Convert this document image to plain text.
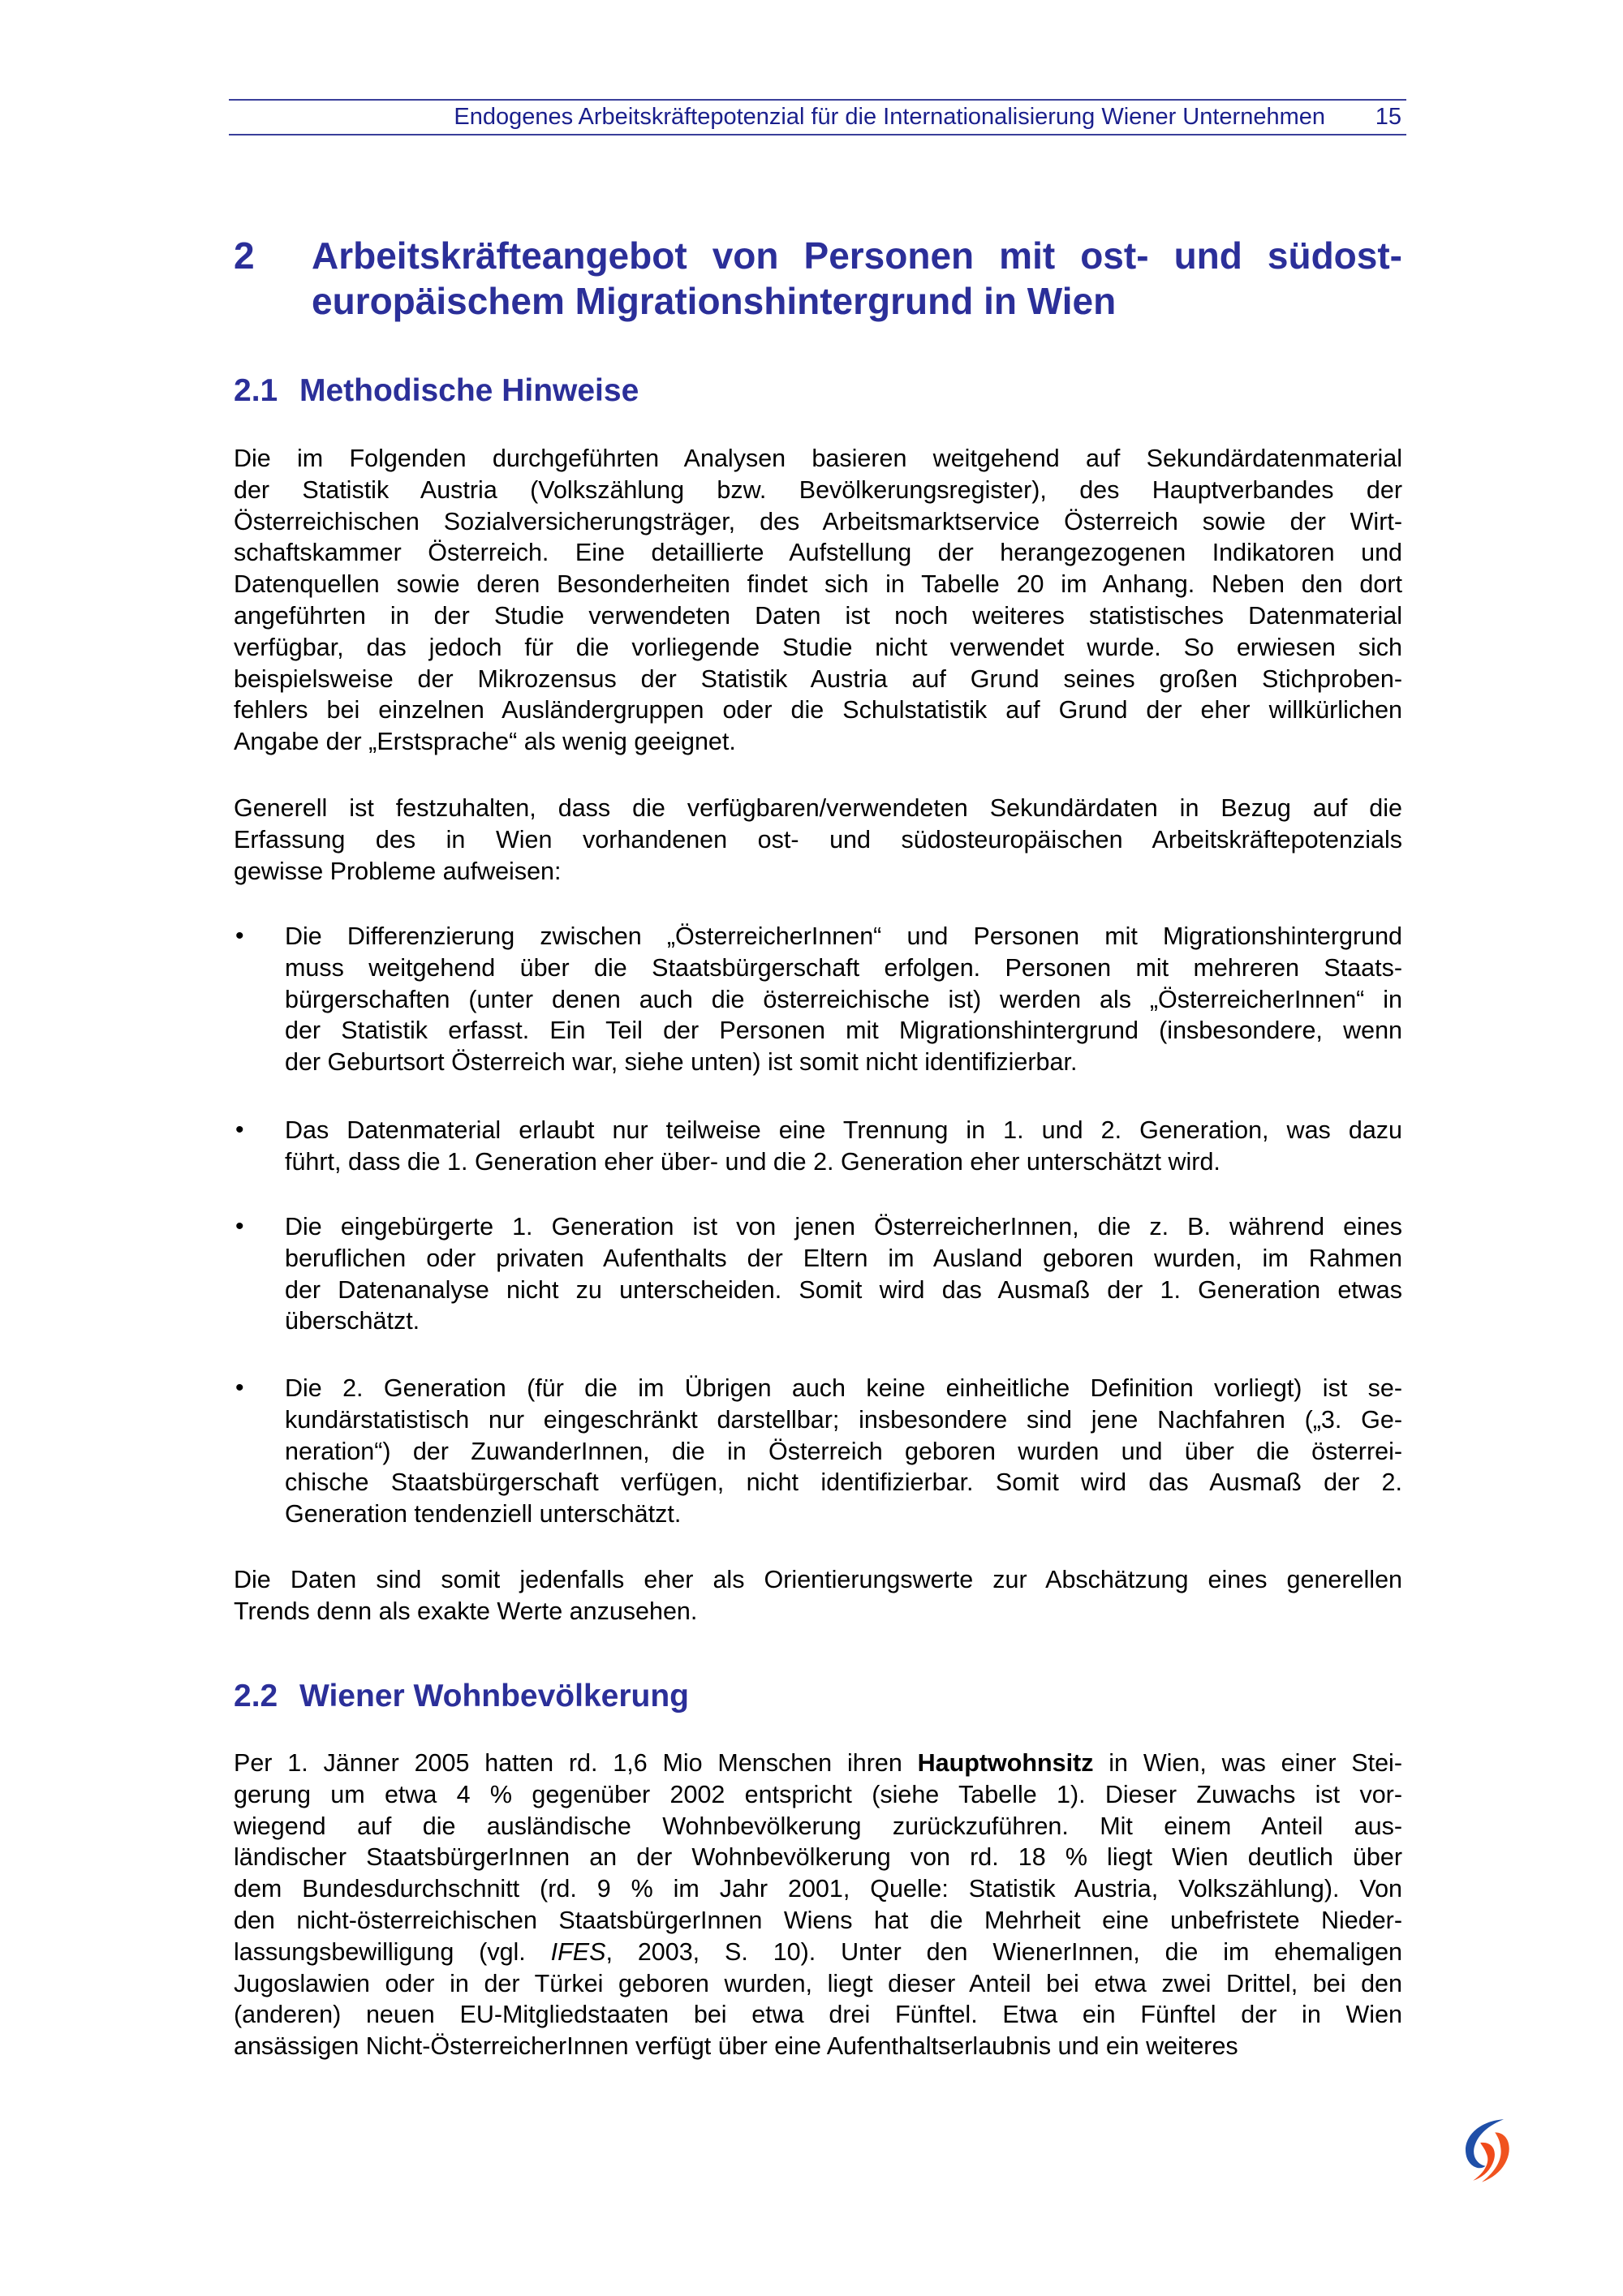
Endogenes Arbeitskräftepotenzial für die Internationalisierung Wiener Unternehmen 15
2 Arbeitskräfteangebot von Personen mit ost- und südost-
europäischem Migrationshintergrund in Wien
2.1 Methodische Hinweise
Die im Folgenden durchgeführten Analysen basieren weitgehend auf Sekundärdatenmaterial
der Statistik Austria (Volkszählung bzw. Bevölkerungsregister), des Hauptverbandes der
Österreichischen Sozialversicherungsträger, des Arbeitsmarktservice Österreich sowie der Wirt-
schaftskammer Österreich. Eine detaillierte Aufstellung der herangezogenen Indikatoren und
Datenquellen sowie deren Besonderheiten findet sich in Tabelle 20 im Anhang. Neben den dort
angeführten in der Studie verwendeten Daten ist noch weiteres statistisches Datenmaterial
verfügbar, das jedoch für die vorliegende Studie nicht verwendet wurde. So erwiesen sich
beispielsweise der Mikrozensus der Statistik Austria auf Grund seines großen Stichproben-
fehlers bei einzelnen Ausländergruppen oder die Schulstatistik auf Grund der eher willkürlichen
Angabe der „Erstsprache“ als wenig geeignet.
Generell ist festzuhalten, dass die verfügbaren/verwendeten Sekundärdaten in Bezug auf die
Erfassung des in Wien vorhandenen ost- und südosteuropäischen Arbeitskräftepotenzials
gewisse Probleme aufweisen:
• Die Differenzierung zwischen „ÖsterreicherInnen“ und Personen mit Migrationshintergrund
muss weitgehend über die Staatsbürgerschaft erfolgen. Personen mit mehreren Staats-
bürgerschaften (unter denen auch die österreichische ist) werden als „ÖsterreicherInnen“ in
der Statistik erfasst. Ein Teil der Personen mit Migrationshintergrund (insbesondere, wenn
der Geburtsort Österreich war, siehe unten) ist somit nicht identifizierbar.
• Das Datenmaterial erlaubt nur teilweise eine Trennung in 1. und 2. Generation, was dazu
führt, dass die 1. Generation eher über- und die 2. Generation eher unterschätzt wird.
• Die eingebürgerte 1. Generation ist von jenen ÖsterreicherInnen, die z. B. während eines
beruflichen oder privaten Aufenthalts der Eltern im Ausland geboren wurden, im Rahmen
der Datenanalyse nicht zu unterscheiden. Somit wird das Ausmaß der 1. Generation etwas
überschätzt.
• Die 2. Generation (für die im Übrigen auch keine einheitliche Definition vorliegt) ist se-
kundärstatistisch nur eingeschränkt darstellbar; insbesondere sind jene Nachfahren („3. Ge-
neration“) der ZuwanderInnen, die in Österreich geboren wurden und über die österrei-
chische Staatsbürgerschaft verfügen, nicht identifizierbar. Somit wird das Ausmaß der 2.
Generation tendenziell unterschätzt.
Die Daten sind somit jedenfalls eher als Orientierungswerte zur Abschätzung eines generellen
Trends denn als exakte Werte anzusehen.
2.2 Wiener Wohnbevölkerung
Per 1. Jänner 2005 hatten rd. 1,6 Mio Menschen ihren Hauptwohnsitz in Wien, was einer Stei-
gerung um etwa 4 % gegenüber 2002 entspricht (siehe Tabelle 1). Dieser Zuwachs ist vor-
wiegend auf die ausländische Wohnbevölkerung zurückzuführen. Mit einem Anteil aus-
ländischer StaatsbürgerInnen an der Wohnbevölkerung von rd. 18 % liegt Wien deutlich über
dem Bundesdurchschnitt (rd. 9 % im Jahr 2001, Quelle: Statistik Austria, Volkszählung). Von
den nicht-österreichischen StaatsbürgerInnen Wiens hat die Mehrheit eine unbefristete Nieder-
lassungsbewilligung (vgl. IFES, 2003, S. 10). Unter den WienerInnen, die im ehemaligen
Jugoslawien oder in der Türkei geboren wurden, liegt dieser Anteil bei etwa zwei Drittel, bei den
(anderen) neuen EU-Mitgliedstaaten bei etwa drei Fünftel. Etwa ein Fünftel der in Wien
ansässigen Nicht-ÖsterreicherInnen verfügt über eine Aufenthaltserlaubnis und ein weiteres
